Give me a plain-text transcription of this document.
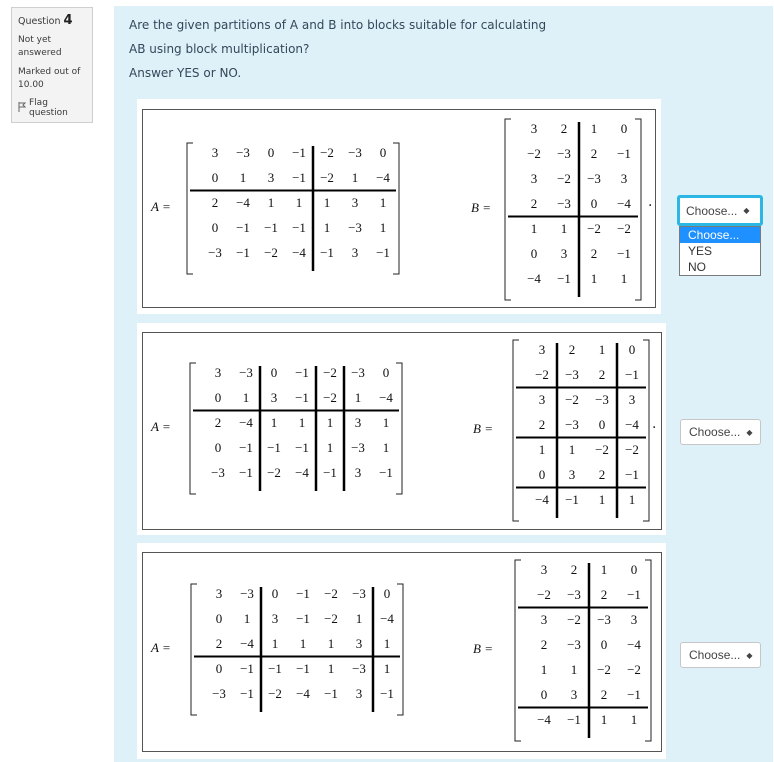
Question 4
Not yet
answered
Marked out of
10.00
Flag question
Are the given partitions of A and B into blocks suitable for calculating
AB using block multiplication?
Answer YES or NO.
A =	B =
3 −3 0 −1 −2 −3 0
0 1 3 −1 −2 1 −4
2 −4 1 1 1 3 1
0 −1 −1 −1 1 −3 1
−3 −1 −2 −4 −1 3 −1
3 2 1 0
−2 −3 2 −1
3 −2 −3 3
2 −3 0 −4
1 1 −2 −2
0 3 2 −1
−4 −1 1 1
A =	B =
3 −3 0 −1 −2 −3 0
0 1 3 −1 −2 1 −4
2 −4 1 1 1 3 1
0 −1 −1 −1 1 −3 1
−3 −1 −2 −4 −1 3 −1
3 2 1 0
−2 −3 2 −1
3 −2 −3 3
2 −3 0 −4
1 1 −2 −2
0 3 2 −1
−4 −1 1 1
A =	B =
3 −3 0 −1 −2 −3 0
0 1 3 −1 −2 1 −4
2 −4 1 1 1 3 1
0 −1 −1 −1 1 −3 1
−3 −1 −2 −4 −1 3 −1
3 2 1 0
−2 −3 2 −1
3 −2 −3 3
2 −3 0 −4
1 1 −2 −2
0 3 2 −1
−4 −1 1 1
·
·
Choose... ◆
Choose... ◆
Choose... ◆
Choose...
YES
NO
